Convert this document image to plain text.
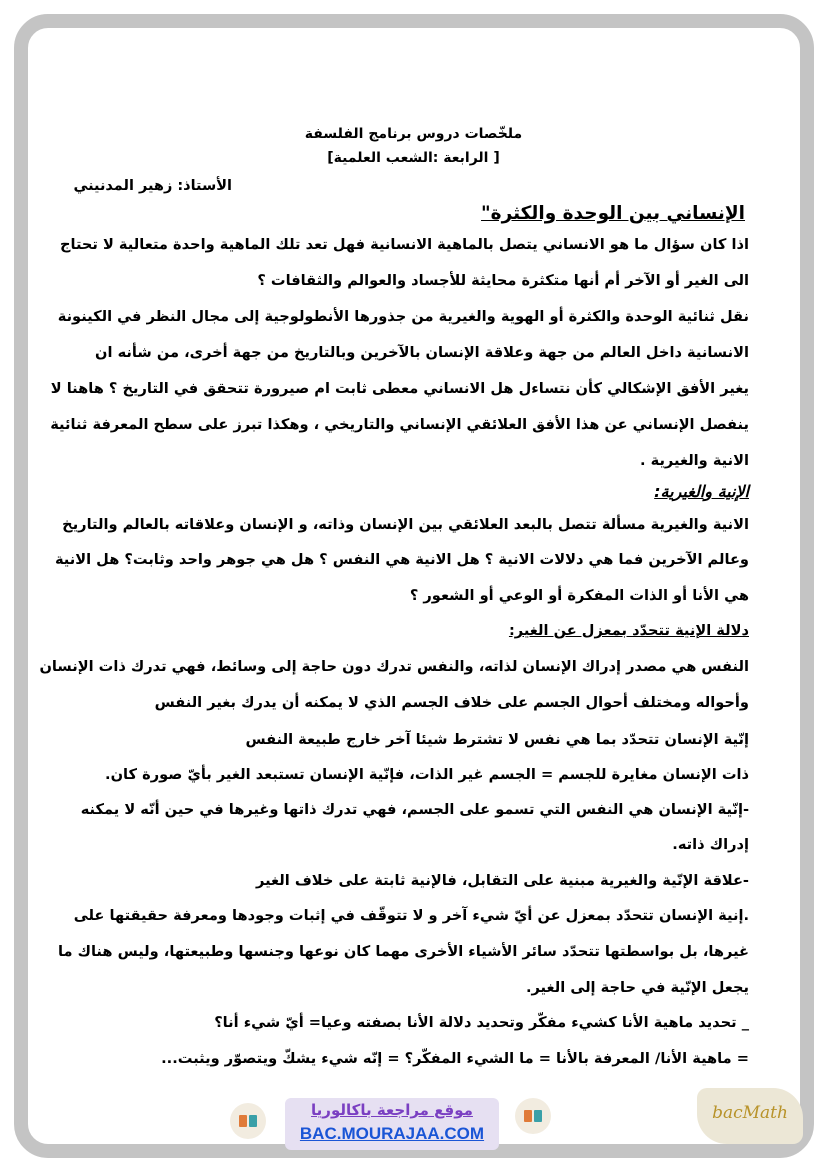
ملخّصات دروس برنامج الفلسفة
[ الرابعة :الشعب العلمية]
الأستاذ: زهير المدنيني
الإنساني بين الوحدة والكثرة"
اذا كان سؤال ما هو الانساني يتصل بالماهية الانسانية فهل تعد تلك الماهية واحدة متعالية لا تحتاج
الى الغير أو الآخر أم أنها متكثرة محايثة للأجساد والعوالم والثقافات ؟
نقل ثنائية الوحدة والكثرة أو الهوية والغيرية من جذورها الأنطولوجية إلى مجال النظر في الكينونة
الانسانية داخل العالم من جهة وعلاقة الإنسان بالآخرين وبالتاريخ من جهة أخرى، من شأنه ان
يغير الأفق الإشكالي كأن نتساءل هل الانساني معطى ثابت ام صيرورة تتحقق في التاريخ ؟ هاهنا لا
ينفصل الإنساني عن هذا الأفق العلائقي الإنساني والتاريخي ، وهكذا تبرز على سطح المعرفة ثنائية
الانية والغيرية .
الإنية والغيرية:
الانية والغيرية مسألة تتصل بالبعد العلائقي بين الإنسان وذاته، و الإنسان وعلاقاته بالعالم والتاريخ
وعالم الآخرين فما هي دلالات الانية ؟ هل الانية هي النفس ؟ هل هي جوهر واحد وثابت؟ هل الانية
هي الأنا أو الذات المفكرة أو الوعي أو الشعور ؟
دلالة الإنية تتحدّد بمعزل عن الغير:
النفس هي مصدر إدراك الإنسان لذاته، والنفس تدرك دون حاجة إلى وسائط، فهي تدرك ذات الإنسان
وأحواله ومختلف أحوال الجسم على خلاف الجسم الذي لا يمكنه أن يدرك بغير النفس
إنّية الإنسان تتحدّد بما هي نفس لا تشترط شيئا آخر خارج طبيعة النفس
ذات الإنسان مغايرة للجسم = الجسم غير الذات، فإنّية الإنسان تستبعد الغير بأيّ صورة كان.
-إنّية الإنسان هي النفس التي تسمو على الجسم، فهي تدرك ذاتها وغيرها في حين أنّه لا يمكنه
إدراك ذاته.
-علاقة الإنّية والغيرية مبنية على التقابل، فالإنية ثابتة على خلاف الغير
.إنية الإنسان تتحدّد بمعزل عن أيّ شيء آخر و لا تتوقّف في إثبات وجودها ومعرفة حقيقتها على
غيرها، بل بواسطتها تتحدّد سائر الأشياء الأخرى مهما كان نوعها وجنسها وطبيعتها، وليس هناك ما
يجعل الإنّية في حاجة إلى الغير.
_ تحديد ماهية الأنا كشيء مفكّر وتحديد دلالة الأنا بصفته وعيا= أيّ شيء أنا؟
= ماهية الأنا/ المعرفة بالأنا = ما الشيء المفكّر؟ = إنّه شيء يشكّ ويتصوّر ويثبت...
موقع مراجعة باكالوريا
BAC.MOURAJAA.COM
bacMath
